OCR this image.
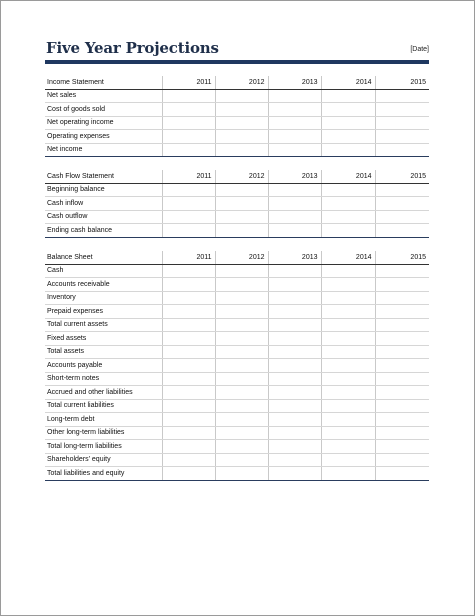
Five Year Projections	[Date]
Income Statement	2011	2012	2013	2014	2015
Net sales					
Cost of goods sold					
Net operating income					
Operating expenses					
Net income					
Cash Flow Statement	2011	2012	2013	2014	2015
Beginning balance					
Cash inflow					
Cash outflow					
Ending cash balance					
Balance Sheet	2011	2012	2013	2014	2015
Cash					
Accounts receivable					
Inventory					
Prepaid expenses					
Total current assets					
Fixed assets					
Total assets					
Accounts payable					
Short-term notes					
Accrued and other liabilities					
Total current liabilities					
Long-term debt					
Other long-term liabilities					
Total long-term liabilities					
Shareholders' equity					
Total liabilities and equity					
